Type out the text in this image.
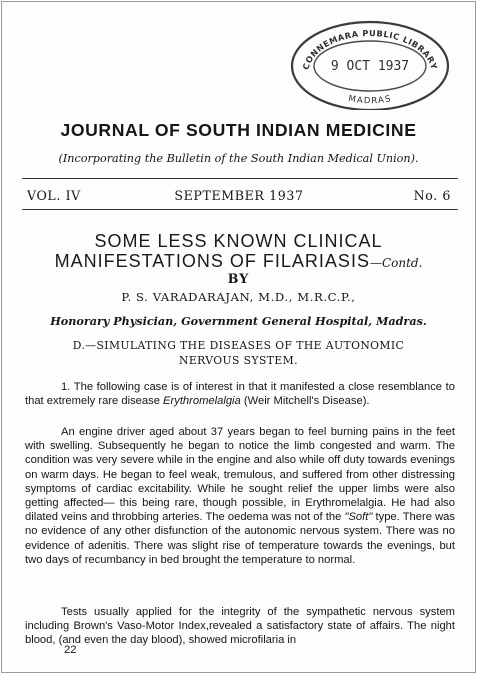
CONNEMARA PUBLIC LIBRARY
9 OCT 1937
MADRAS
JOURNAL OF SOUTH INDIAN MEDICINE
(Incorporating the Bulletin of the South Indian Medical Union).
VOL. IV	SEPTEMBER 1937	No. 6
SOME LESS KNOWN CLINICAL
MANIFESTATIONS OF FILARIASIS—Contd.
BY
P. S. VARADARAJAN, M.D., M.R.C.P.,
Honorary Physician, Government General Hospital, Madras.
D.—SIMULATING THE DISEASES OF THE AUTONOMIC
NERVOUS SYSTEM.

1. The following case is of interest in that it manifested a close resemblance to that extremely rare disease Erythromelalgia (Weir Mitchell's Disease).

An engine driver aged about 37 years began to feel burning pains in the feet with swelling. Subsequently he began to notice the limb congested and warm. The condition was very severe while in the engine and also while off duty towards evenings on warm days. He began to feel weak, tremulous, and suffered from other distressing symptoms of cardiac excitability. While he sought relief the upper limbs were also getting affected— this being rare, though possible, in Erythromelalgia. He had also dilated veins and throbbing arteries. The oedema was not of the "Soft" type. There was no evidence of any other disfunction of the autonomic nervous system. There was no evidence of adenitis. There was slight rise of temperature towards the evenings, but two days of recumbancy in bed brought the temperature to normal.

Tests usually applied for the integrity of the sympathetic nervous system including Brown's Vaso-Motor Index,revealed a satisfactory state of affairs. The night blood, (and even the day blood), showed microfilaria in

22
